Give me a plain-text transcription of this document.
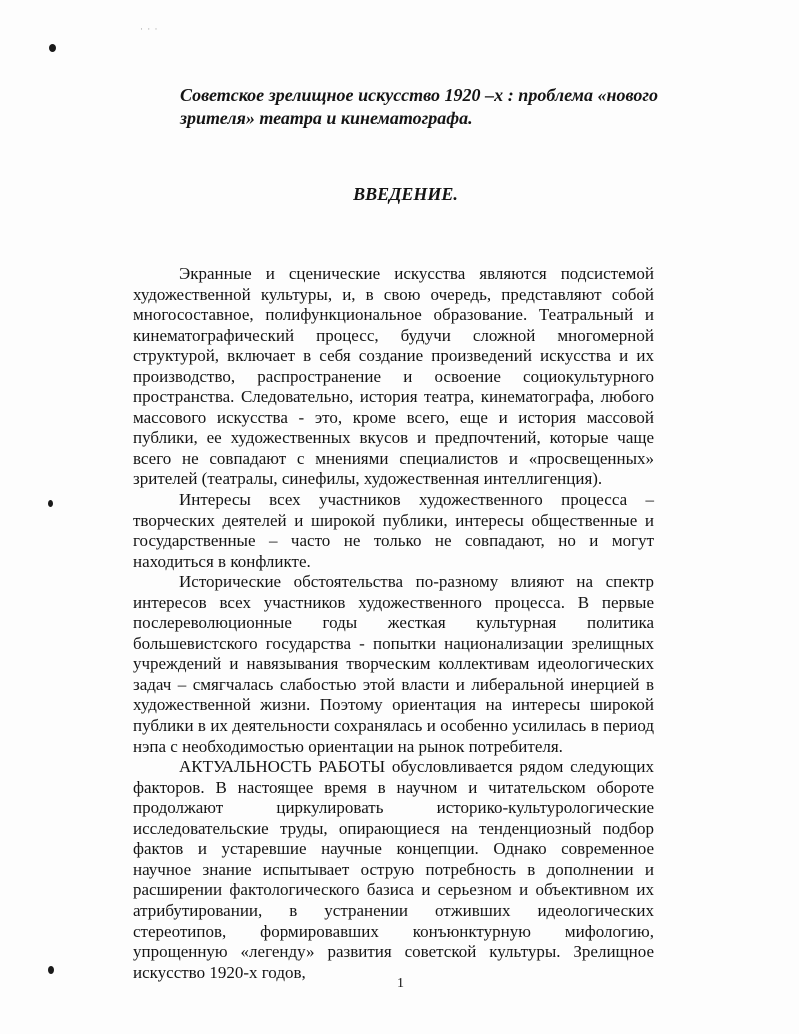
· · ·
Советское зрелищное искусство 1920 –х : проблема «нового зрителя» театра и кинематографа.
ВВЕДЕНИЕ.

Экранные и сценические искусства являются подсистемой художественной культуры, и, в свою очередь, представляют собой многосоставное, полифункциональное образование. Театральный и кинематографический процесс, будучи сложной многомерной структурой, включает в себя создание произведений искусства и их производство, распространение и освоение социокультурного пространства. Следовательно, история театра, кинематографа, любого массового искусства - это, кроме всего, еще и история массовой публики, ее художественных вкусов и предпочтений, которые чаще всего не совпадают с мнениями специалистов и «просвещенных» зрителей (театралы, синефилы, художественная интеллигенция).

Интересы всех участников художественного процесса – творческих деятелей и широкой публики, интересы общественные и государственные – часто не только не совпадают, но и могут находиться в конфликте.

Исторические обстоятельства по-разному влияют на спектр интересов всех участников художественного процесса. В первые послереволюционные годы жесткая культурная политика большевистского государства - попытки национализации зрелищных учреждений и навязывания творческим коллективам идеологических задач – смягчалась слабостью этой власти и либеральной инерцией в художественной жизни. Поэтому ориентация на интересы широкой публики в их деятельности сохранялась и особенно усилилась в период нэпа с необходимостью ориентации на рынок потребителя.

АКТУАЛЬНОСТЬ РАБОТЫ обусловливается рядом следующих факторов. В настоящее время в научном и читательском обороте продолжают циркулировать историко-культурологические исследовательские труды, опирающиеся на тенденциозный подбор фактов и устаревшие научные концепции. Однако современное научное знание испытывает острую потребность в дополнении и расширении фактологического базиса и серьезном и объективном их атрибутировании, в устранении отживших идеологических стереотипов, формировавших конъюнктурную мифологию, упрощенную «легенду» развития советской культуры. Зрелищное искусство 1920-х годов,

1
